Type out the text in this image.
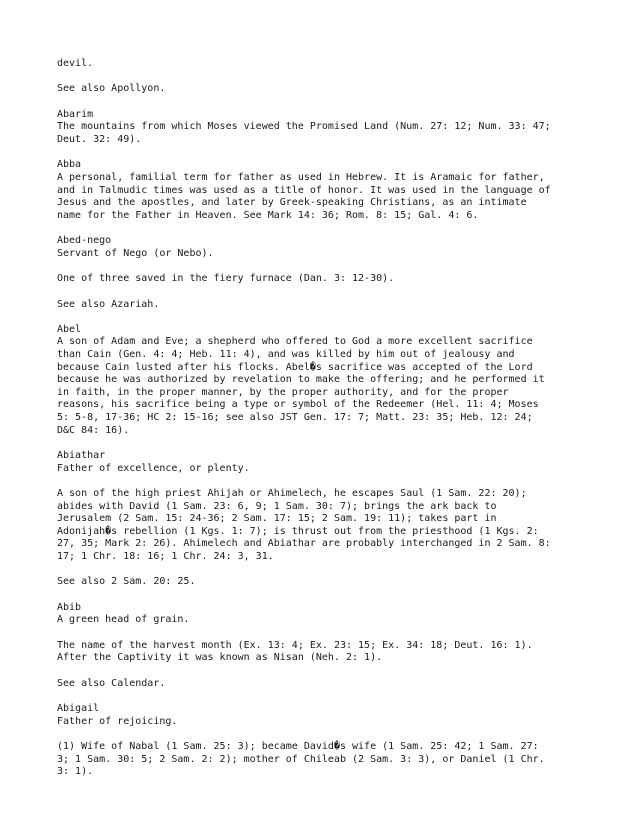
devil.

See also Apollyon.

Abarim
The mountains from which Moses viewed the Promised Land (Num. 27: 12; Num. 33: 47;
Deut. 32: 49).

Abba
A personal, familial term for father as used in Hebrew. It is Aramaic for father,
and in Talmudic times was used as a title of honor. It was used in the language of
Jesus and the apostles, and later by Greek-speaking Christians, as an intimate
name for the Father in Heaven. See Mark 14: 36; Rom. 8: 15; Gal. 4: 6.

Abed-nego
Servant of Nego (or Nebo).

One of three saved in the fiery furnace (Dan. 3: 12-30).

See also Azariah.

Abel
A son of Adam and Eve; a shepherd who offered to God a more excellent sacrifice
than Cain (Gen. 4: 4; Heb. 11: 4), and was killed by him out of jealousy and
because Cain lusted after his flocks. Abel�s sacrifice was accepted of the Lord
because he was authorized by revelation to make the offering; and he performed it
in faith, in the proper manner, by the proper authority, and for the proper
reasons, his sacrifice being a type or symbol of the Redeemer (Hel. 11: 4; Moses
5: 5-8, 17-36; HC 2: 15-16; see also JST Gen. 17: 7; Matt. 23: 35; Heb. 12: 24;
D&C 84: 16).

Abiathar
Father of excellence, or plenty.

A son of the high priest Ahijah or Ahimelech, he escapes Saul (1 Sam. 22: 20);
abides with David (1 Sam. 23: 6, 9; 1 Sam. 30: 7); brings the ark back to
Jerusalem (2 Sam. 15: 24-36; 2 Sam. 17: 15; 2 Sam. 19: 11); takes part in
Adonijah�s rebellion (1 Kgs. 1: 7); is thrust out from the priesthood (1 Kgs. 2:
27, 35; Mark 2: 26). Ahimelech and Abiathar are probably interchanged in 2 Sam. 8:
17; 1 Chr. 18: 16; 1 Chr. 24: 3, 31.

See also 2 Sam. 20: 25.

Abib
A green head of grain.

The name of the harvest month (Ex. 13: 4; Ex. 23: 15; Ex. 34: 18; Deut. 16: 1).
After the Captivity it was known as Nisan (Neh. 2: 1).

See also Calendar.

Abigail
Father of rejoicing.

(1) Wife of Nabal (1 Sam. 25: 3); became David�s wife (1 Sam. 25: 42; 1 Sam. 27:
3; 1 Sam. 30: 5; 2 Sam. 2: 2); mother of Chileab (2 Sam. 3: 3), or Daniel (1 Chr.
3: 1).
